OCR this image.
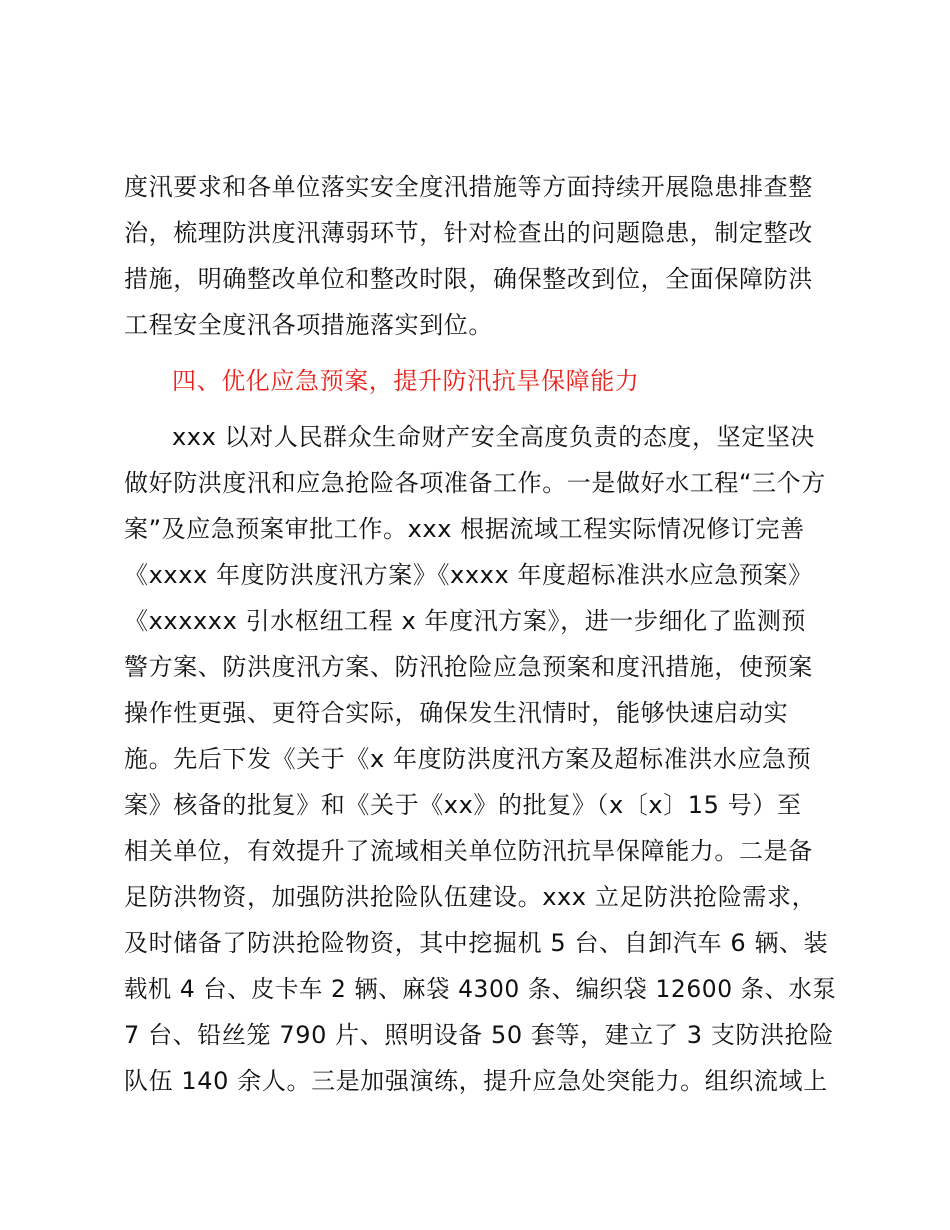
度汛要求和各单位落实安全度汛措施等方面持续开展隐患排查整
治，梳理防洪度汛薄弱环节，针对检查出的问题隐患，制定整改
措施，明确整改单位和整改时限，确保整改到位，全面保障防洪
工程安全度汛各项措施落实到位。
四、优化应急预案，提升防汛抗旱保障能力
xxx 以对人民群众生命财产安全高度负责的态度，坚定坚决
做好防洪度汛和应急抢险各项准备工作。一是做好水工程“三个方
案”及应急预案审批工作。xxx 根据流域工程实际情况修订完善
《xxxx 年度防洪度汛方案》《xxxx 年度超标准洪水应急预案》
《xxxxxx 引水枢纽工程 x 年度汛方案》，进一步细化了监测预
警方案、防洪度汛方案、防汛抢险应急预案和度汛措施，使预案
操作性更强、更符合实际，确保发生汛情时，能够快速启动实
施。先后下发《关于《x 年度防洪度汛方案及超标准洪水应急预
案》核备的批复》和《关于《xx》的批复》（x〔x〕15 号）至
相关单位，有效提升了流域相关单位防汛抗旱保障能力。二是备
足防洪物资，加强防洪抢险队伍建设。xxx 立足防洪抢险需求，
及时储备了防洪抢险物资，其中挖掘机 5 台、自卸汽车 6 辆、装
载机 4 台、皮卡车 2 辆、麻袋 4300 条、编织袋 12600 条、水泵
7 台、铅丝笼 790 片、照明设备 50 套等，建立了 3 支防洪抢险
队伍 140 余人。三是加强演练，提升应急处突能力。组织流域上
